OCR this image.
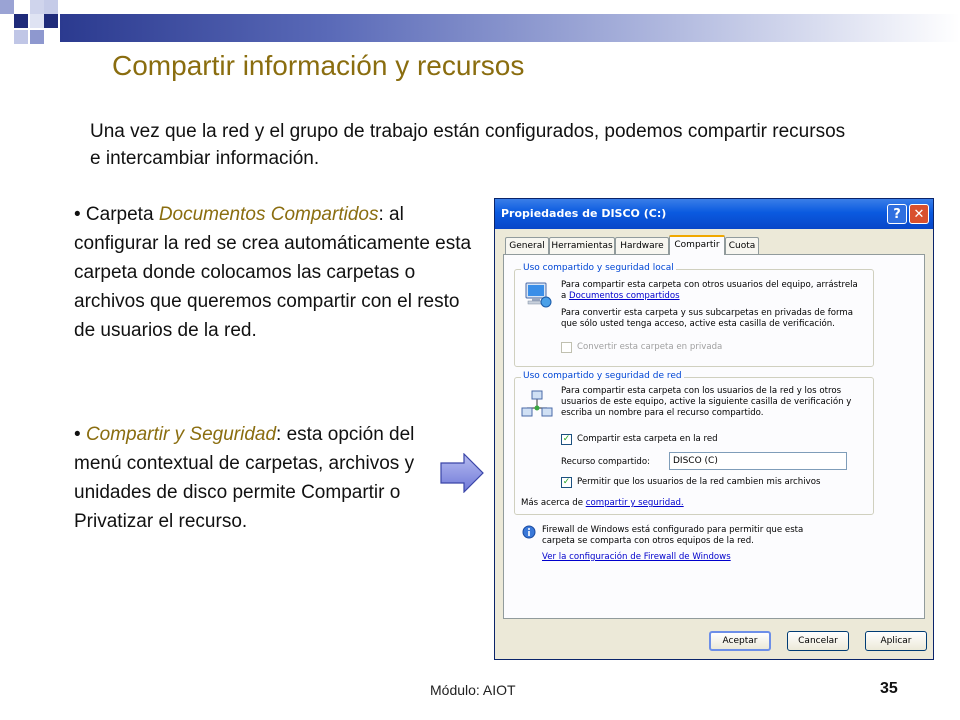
Compartir información y recursos

Una vez que la red y el grupo de trabajo están configurados, podemos compartir recursos e intercambiar información.

• Carpeta Documentos Compartidos: al configurar la red se crea automáticamente esta carpeta donde colocamos las carpetas o archivos que queremos compartir con el resto de usuarios de la red.

• Compartir y Seguridad: esta opción del menú contextual de carpetas, archivos y unidades de disco permite Compartir o Privatizar el recurso.

Propiedades de DISCO (C:)	? ✕
General Herramientas Hardware	Compartir	Cuota
Uso compartido y seguridad local
Para compartir esta carpeta con otros usuarios del equipo, arrástrela a Documentos compartidos
Para convertir esta carpeta y sus subcarpetas en privadas de forma que sólo usted tenga acceso, active esta casilla de verificación.
Convertir esta carpeta en privada
Uso compartido y seguridad de red
Para compartir esta carpeta con los usuarios de la red y los otros usuarios de este equipo, active la siguiente casilla de verificación y escriba un nombre para el recurso compartido.
✓ Compartir esta carpeta en la red
Recurso compartido:	DISCO (C)
✓ Permitir que los usuarios de la red cambien mis archivos
Más acerca de compartir y seguridad.
Firewall de Windows está configurado para permitir que esta carpeta se comparta con otros equipos de la red.
Ver la configuración de Firewall de Windows
Aceptar	Cancelar	Aplicar
Módulo: AIOT	35
